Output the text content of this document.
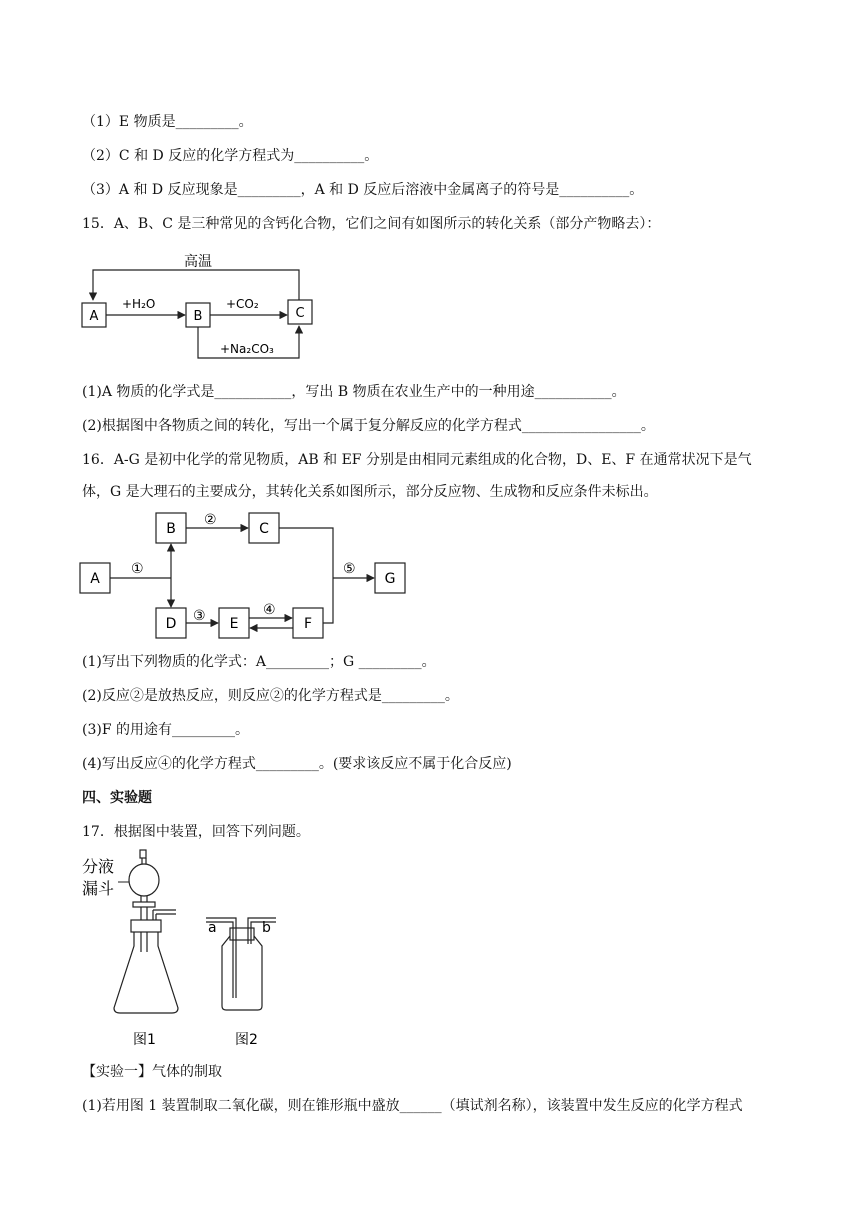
（1）E 物质是_________。
（2）C 和 D 反应的化学方程式为__________。
（3）A 和 D 反应现象是_________，A 和 D 反应后溶液中金属离子的符号是__________。
15．A、B、C 是三种常见的含钙化合物，它们之间有如图所示的转化关系（部分产物略去）：
高温
A	B	C
+H₂O	+CO₂
+Na₂CO₃
(1)A 物质的化学式是___________，写出 B 物质在农业生产中的一种用途___________。
(2)根据图中各物质之间的转化，写出一个属于复分解反应的化学方程式_________________。
16．A-G 是初中化学的常见物质，AB 和 EF 分别是由相同元素组成的化合物，D、E、F 在通常状况下是气
体，G 是大理石的主要成分，其转化关系如图所示，部分反应物、生成物和反应条件未标出。
A
B	C
D	E	F
G
①
②
③	④
⑤
(1)写出下列物质的化学式：A_________；G _________。
(2)反应②是放热反应，则反应②的化学方程式是_________。
(3)F 的用途有_________。
(4)写出反应④的化学方程式_________。(要求该反应不属于化合反应)
四、实验题
17．根据图中装置，回答下列问题。
分液
漏斗
a	b
图1	图2
【实验一】气体的制取
(1)若用图 1 装置制取二氧化碳，则在锥形瓶中盛放______（填试剂名称），该装置中发生反应的化学方程式
